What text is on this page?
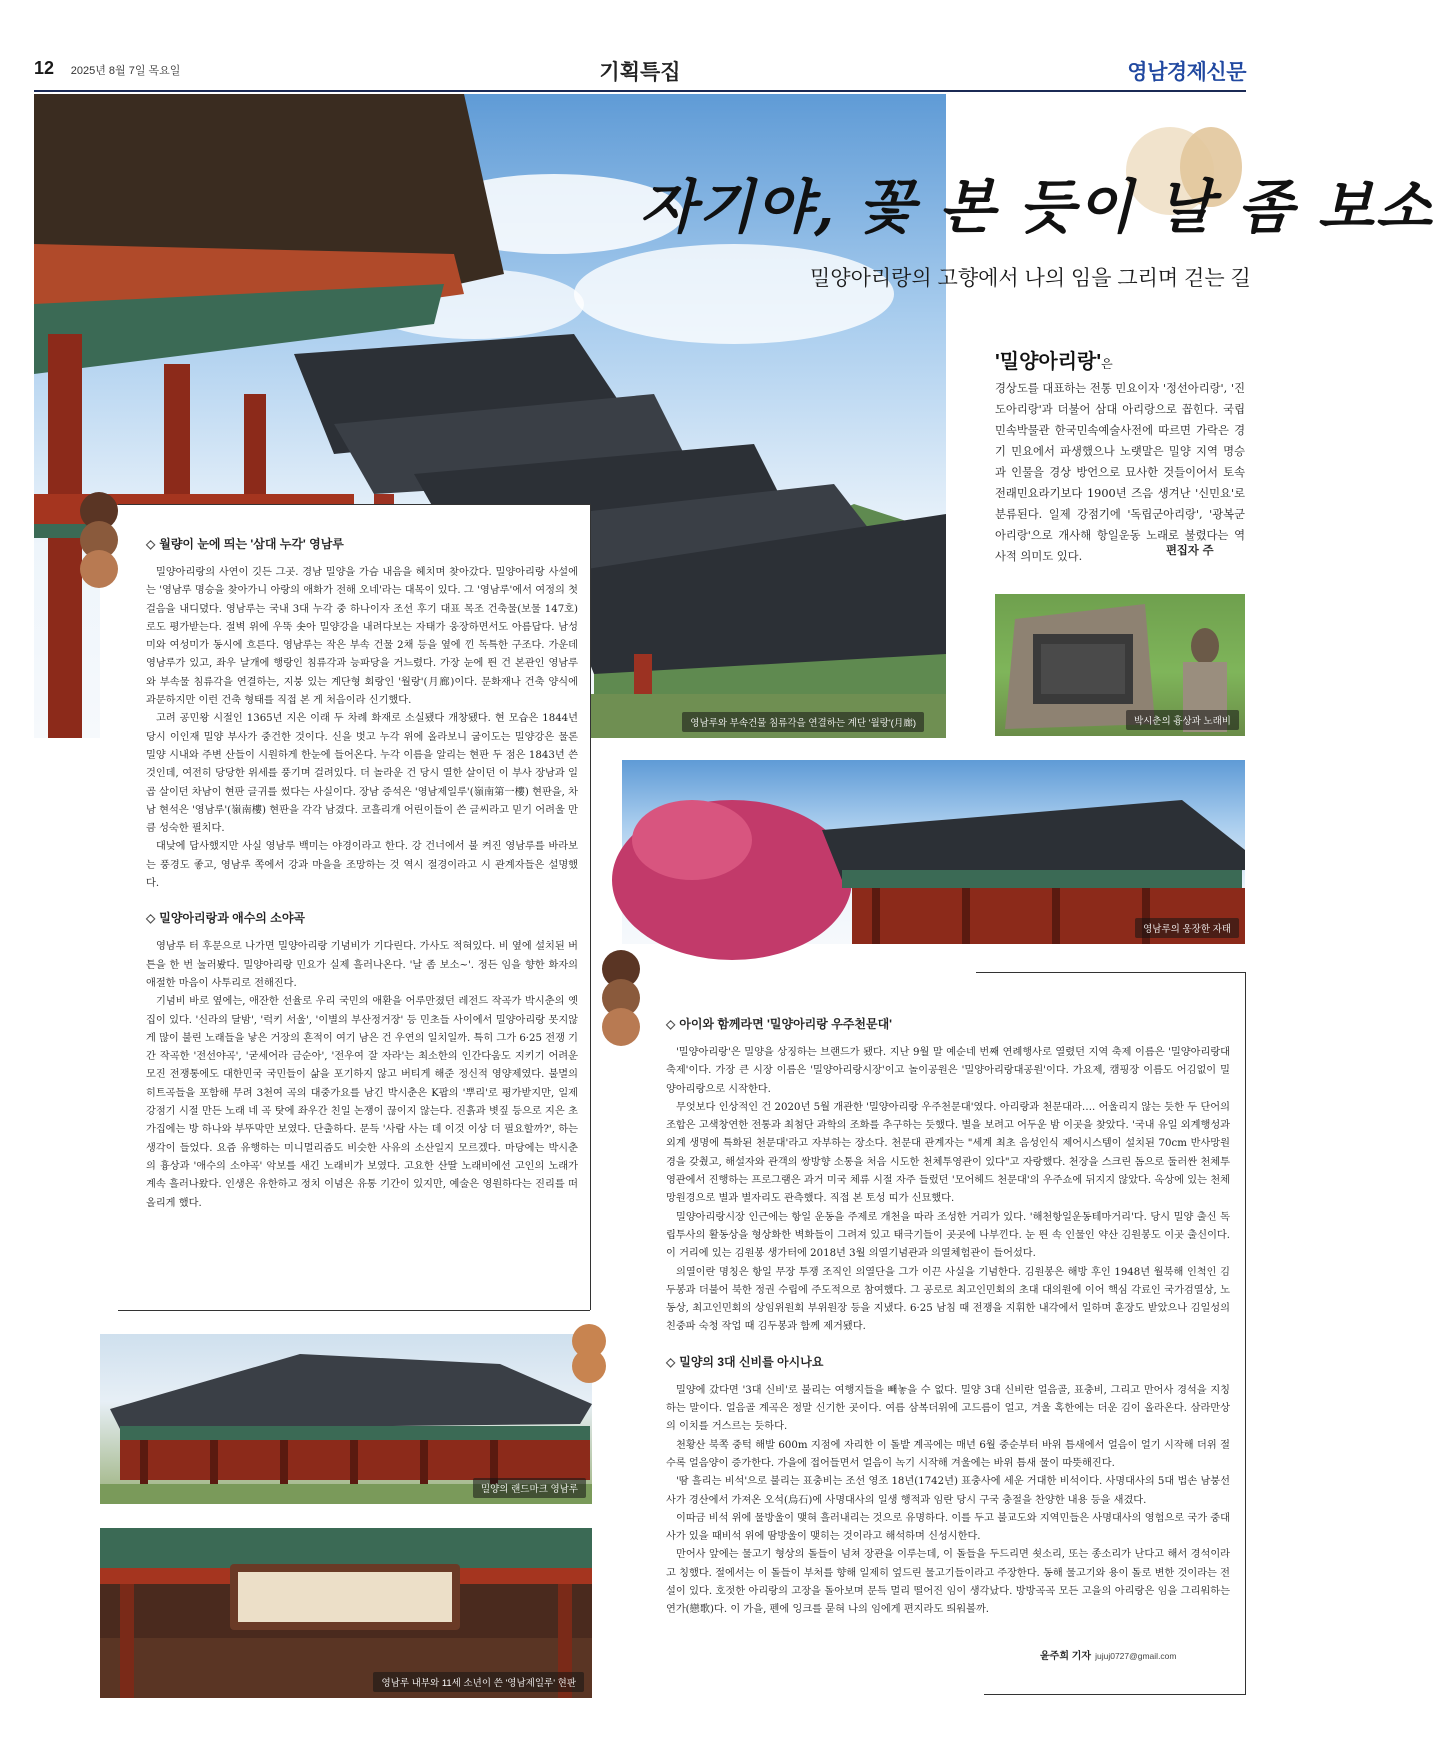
12 2025년 8월 7일 목요일	기획특집	영남경제신문
영남루와 부속건물 침류각을 연결하는 계단 '월랑'(月廊)
자기야, 꽃 본 듯이 날 좀 보소
밀양아리랑의 고향에서 나의 임을 그리며 걷는 길
'밀양아리랑'은
경상도를 대표하는 전통 민요이자 '정선아리랑', '진도아리랑'과 더불어 삼대 아리랑으로 꼽힌다. 국립민속박물관 한국민속예술사전에 따르면 가락은 경기 민요에서 파생했으나 노랫말은 밀양 지역 명승과 인물을 경상 방언으로 묘사한 것들이어서 토속 전래민요라기보다 1900년 즈음 생겨난 '신민요'로 분류된다. 일제 강점기에 '독립군아리랑', '광복군 아리랑'으로 개사해 항일운동 노래로 불렸다는 역사적 의미도 있다.	편집자 주
박시춘의 흉상과 노래비
영남루의 웅장한 자태
밀양의 랜드마크 영남루
영남루 내부와 11세 소년이 쓴 '영남제일루' 현판
◇ 월량이 눈에 띄는 '삼대 누각' 영남루

밀양아리랑의 사연이 깃든 그곳. 경남 밀양을 가슴 내음을 헤치며 찾아갔다. 밀양아리랑 사설에는 '영남루 명승을 찾아가니 아랑의 애화가 전해 오네'라는 대목이 있다. 그 '영남루'에서 여정의 첫걸음을 내디뎠다. 영남루는 국내 3대 누각 중 하나이자 조선 후기 대표 목조 건축물(보물 147호)로도 평가받는다. 절벽 위에 우뚝 솟아 밀양강을 내려다보는 자태가 웅장하면서도 아름답다. 남성미와 여성미가 동시에 흐른다. 영남루는 작은 부속 건물 2채 등을 옆에 낀 독특한 구조다. 가운데 영남루가 있고, 좌우 날개에 행랑인 침류각과 능파당을 거느렸다. 가장 눈에 띈 건 본관인 영남루와 부속물 침류각을 연결하는, 지붕 있는 계단형 회랑인 '월랑'(月廊)이다. 문화재나 건축 양식에 과문하지만 이런 건축 형태를 직접 본 게 처음이라 신기했다.

고려 공민왕 시절인 1365년 지은 이래 두 차례 화재로 소실됐다 개창됐다. 현 모습은 1844년 당시 이인재 밀양 부사가 중건한 것이다. 신을 벗고 누각 위에 올라보니 굽이도는 밀양강은 물론 밀양 시내와 주변 산들이 시원하게 한눈에 들어온다. 누각 이름을 알리는 현판 두 점은 1843년 쓴 것인데, 여전히 당당한 위세를 풍기며 걸려있다. 더 놀라운 건 당시 열한 살이던 이 부사 장남과 일곱 살이던 차남이 현판 글귀를 썼다는 사실이다. 장남 증석은 '영남제일루'(嶺南第一樓) 현판을, 차남 현석은 '영남루'(嶺南樓) 현판을 각각 남겼다. 코흘리개 어린이들이 쓴 글씨라고 믿기 어려울 만큼 성숙한 필치다.

대낮에 답사했지만 사실 영남루 백미는 야경이라고 한다. 강 건너에서 불 켜진 영남루를 바라보는 풍경도 좋고, 영남루 쪽에서 강과 마을을 조망하는 것 역시 절경이라고 시 관계자들은 설명했다.

◇ 밀양아리랑과 애수의 소야곡

영남루 터 후문으로 나가면 밀양아리랑 기념비가 기다린다. 가사도 적혀있다. 비 옆에 설치된 버튼을 한 번 눌러봤다. 밀양아리랑 민요가 실제 흘러나온다. '날 좀 보소~'. 정든 임을 향한 화자의 애절한 마음이 사투리로 전해진다.

기념비 바로 옆에는, 애잔한 선율로 우리 국민의 애환을 어루만졌던 레전드 작곡가 박시춘의 옛집이 있다. '신라의 달밤', '럭키 서울', '이별의 부산정거장' 등 민초들 사이에서 밀양아리랑 못지않게 많이 불린 노래들을 낳은 거장의 흔적이 여기 남은 건 우연의 일치일까. 특히 그가 6·25 전쟁 기간 작곡한 '전선야곡', '굳세어라 금순아', '전우여 잘 자라'는 최소한의 인간다움도 지키기 어려운 모진 전쟁통에도 대한민국 국민들이 삶을 포기하지 않고 버티게 해준 정신적 영양제였다. 불멸의 히트곡들을 포함해 무려 3천여 곡의 대중가요를 남긴 박시춘은 K팝의 '뿌리'로 평가받지만, 일제강점기 시절 만든 노래 네 곡 탓에 좌우간 친일 논쟁이 끊이지 않는다. 진흙과 볏짚 등으로 지은 초가집에는 방 하나와 부뚜막만 보였다. 단출하다. 문득 '사람 사는 데 이것 이상 더 필요할까?', 하는 생각이 들었다. 요즘 유행하는 미니멀리즘도 비슷한 사유의 소산일지 모르겠다. 마당에는 박시춘의 흉상과 '애수의 소야곡' 악보를 새긴 노래비가 보였다. 고요한 산딸 노래비에선 고인의 노래가 계속 흘러나왔다. 인생은 유한하고 정치 이념은 유통 기간이 있지만, 예술은 영원하다는 진리를 떠올리게 했다.

◇ 아이와 함께라면 '밀양아리랑 우주천문대'

'밀양아리랑'은 밀양을 상징하는 브랜드가 됐다. 지난 9월 말 예순네 번째 연례행사로 열렸던 지역 축제 이름은 '밀양아리랑대축제'이다. 가장 큰 시장 이름은 '밀양아리랑시장'이고 놀이공원은 '밀양아리랑대공원'이다. 가요제, 캠핑장 이름도 어김없이 밀양아리랑으로 시작한다.

무엇보다 인상적인 건 2020년 5월 개관한 '밀양아리랑 우주천문대'였다. 아리랑과 천문대라…. 어울리지 않는 듯한 두 단어의 조합은 고색창연한 전통과 최첨단 과학의 조화를 추구하는 듯했다. 별을 보려고 어두운 밤 이곳을 찾았다. '국내 유일 외계행성과 외계 생명에 특화된 천문대'라고 자부하는 장소다. 천문대 관계자는 "세계 최초 음성인식 제어시스템이 설치된 70cm 반사망원경을 갖췄고, 해설자와 관객의 쌍방향 소통을 처음 시도한 천체투영관이 있다"고 자랑했다. 천장을 스크린 돔으로 둘러싼 천체투영관에서 진행하는 프로그램은 과거 미국 체류 시절 자주 들렀던 '모어헤드 천문대'의 우주쇼에 뒤지지 않았다. 옥상에 있는 천체망원경으로 별과 별자리도 관측했다. 직접 본 토성 띠가 신묘했다.

밀양아리랑시장 인근에는 항일 운동을 주제로 개천을 따라 조성한 거리가 있다. '해천항일운동테마거리'다. 당시 밀양 출신 독립투사의 활동상을 형상화한 벽화들이 그려져 있고 태극기들이 곳곳에 나부낀다. 눈 띈 속 인물인 약산 김원봉도 이곳 출신이다. 이 거리에 있는 김원봉 생가터에 2018년 3월 의열기념관과 의열체험관이 들어섰다.

의열이란 명칭은 항일 무장 투쟁 조직인 의열단을 그가 이끈 사실을 기념한다. 김원봉은 해방 후인 1948년 월북해 인척인 김두봉과 더불어 북한 정권 수립에 주도적으로 참여했다. 그 공로로 최고인민회의 초대 대의원에 이어 핵심 각료인 국가검열상, 노동상, 최고인민회의 상임위원회 부위원장 등을 지냈다. 6·25 남침 때 전쟁을 지휘한 내각에서 일하며 훈장도 받았으나 김일성의 친중파 숙청 작업 때 김두봉과 함께 제거됐다.

◇ 밀양의 3대 신비를 아시나요

밀양에 갔다면 '3대 신비'로 불리는 여행지들을 빼놓을 수 없다. 밀양 3대 신비란 얼음골, 표충비, 그리고 만어사 경석을 지칭하는 말이다. 얼음골 계곡은 정말 신기한 곳이다. 여름 삼복더위에 고드름이 얼고, 겨울 혹한에는 더운 김이 올라온다. 삼라만상의 이치를 거스르는 듯하다.

천황산 북쪽 중턱 해발 600m 지점에 자리한 이 돌밭 계곡에는 매년 6월 중순부터 바위 틈새에서 얼음이 얼기 시작해 더위 절수록 얼음양이 증가한다. 가을에 접어들면서 얼음이 녹기 시작해 겨울에는 바위 틈새 물이 따뜻해진다.

'땀 흘리는 비석'으로 불리는 표충비는 조선 영조 18년(1742년) 표충사에 세운 거대한 비석이다. 사명대사의 5대 법손 남붕선사가 경산에서 가져온 오석(烏石)에 사명대사의 일생 행적과 임란 당시 구국 충절을 찬양한 내용 등을 새겼다.

이따금 비석 위에 물방울이 맺혀 흘러내리는 것으로 유명하다. 이를 두고 불교도와 지역민들은 사명대사의 영험으로 국가 중대사가 있을 때비석 위에 땀방울이 맺히는 것이라고 해석하며 신성시한다.

만어사 앞에는 물고기 형상의 돌들이 넘쳐 장관을 이루는데, 이 돌들을 두드리면 쇳소리, 또는 종소리가 난다고 해서 경석이라고 칭했다. 절에서는 이 돌들이 부처를 향해 일제히 엎드린 물고기들이라고 주장한다. 동해 물고기와 용이 돌로 변한 것이라는 전설이 있다. 호젓한 아리랑의 고장을 돌아보며 문득 멀리 떨어진 임이 생각났다. 방방곡곡 모든 고을의 아리랑은 임을 그리워하는 연가(戀歌)다. 이 가을, 펜에 잉크를 묻혀 나의 임에게 편지라도 띄워볼까.

윤주희 기자 jujuj0727@gmail.com
